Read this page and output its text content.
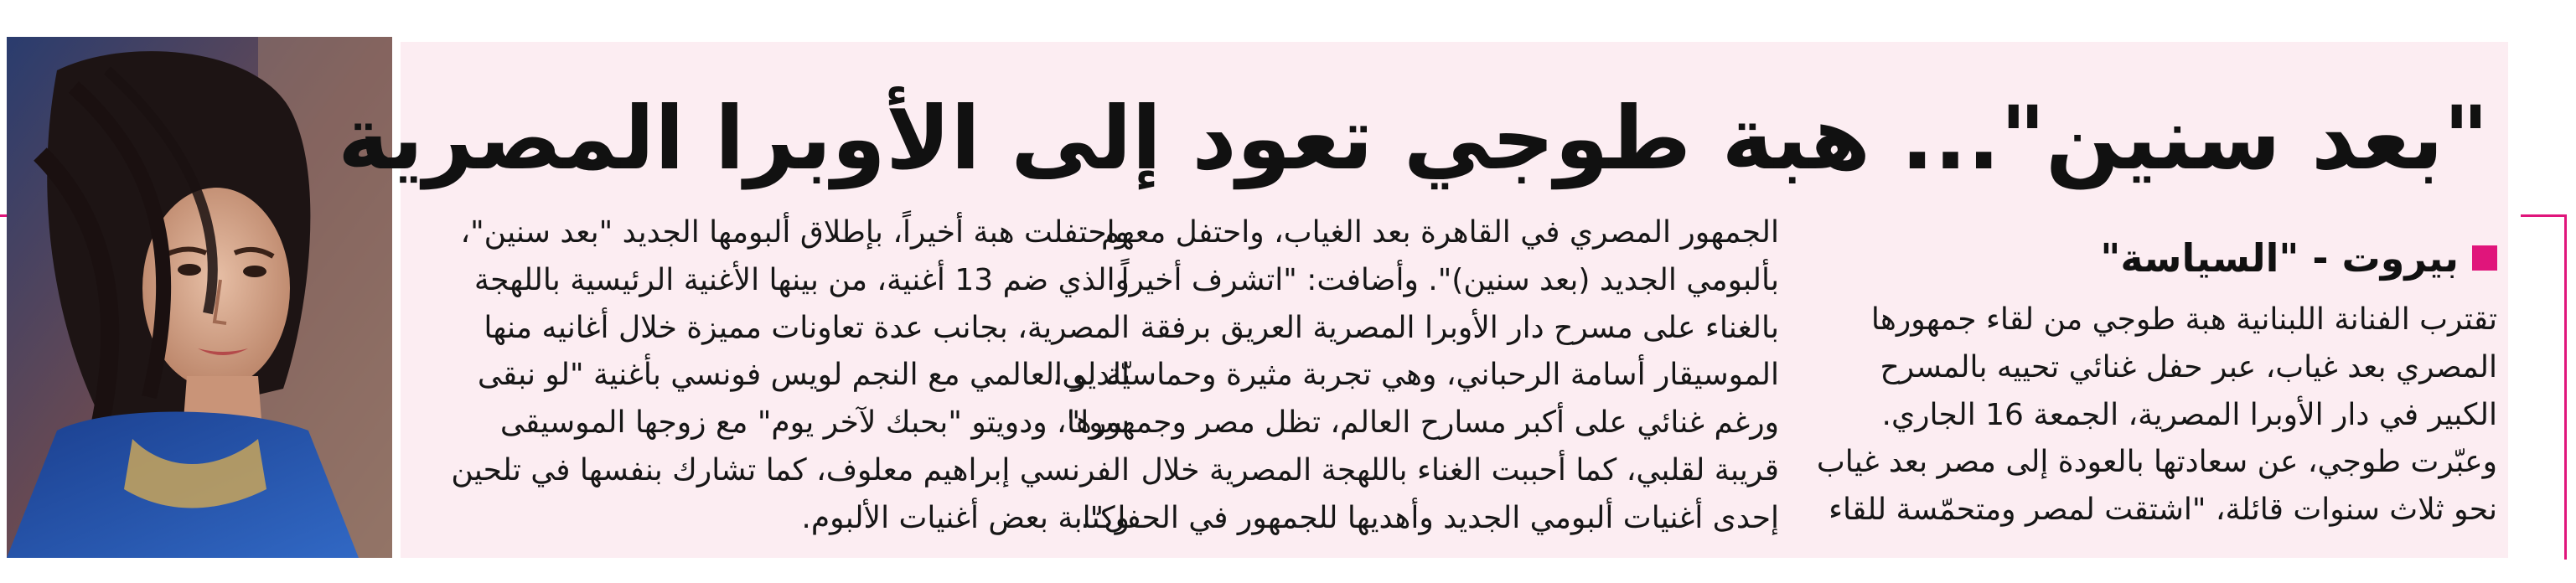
"بعد سنين"... هبة طوجي تعود إلى الأوبرا المصرية
بيروت - "السياسة"
تقترب الفنانة اللبنانية هبة طوجي من لقاء جمهورها
المصري بعد غياب، عبر حفل غنائي تحييه بالمسرح
الكبير في دار الأوبرا المصرية، الجمعة 16 الجاري.
وعبّرت طوجي، عن سعادتها بالعودة إلى مصر بعد غياب
نحو ثلاث سنوات قائلة، "اشتقت لمصر ومتحمّسة للقاء
الجمهور المصري في القاهرة بعد الغياب، واحتفل معهم
بألبومي الجديد (بعد سنين)". وأضافت: "اتشرف أخيراً
بالغناء على مسرح دار الأوبرا المصرية العريق برفقة
الموسيقار أسامة الرحباني، وهي تجربة مثيرة وحماسيّة لي،
ورغم غنائي على أكبر مسارح العالم، تظل مصر وجمهورها
قريبة لقلبي، كما أحببت الغناء باللهجة المصرية خلال
إحدى أغنيات ألبومي الجديد وأهديها للجمهور في الحفل".
واحتفلت هبة أخيراً، بإطلاق ألبومها الجديد "بعد سنين"،
والذي ضم 13 أغنية، من بينها الأغنية الرئيسية باللهجة
المصرية، بجانب عدة تعاونات مميزة خلال أغانيه منها
الديو العالمي مع النجم لويس فونسي بأغنية "لو نبقى
سوا"، ودويتو "بحبك لآخر يوم" مع زوجها الموسيقى
الفرنسي إبراهيم معلوف، كما تشارك بنفسها في تلحين
وكتابة بعض أغنيات الألبوم.
